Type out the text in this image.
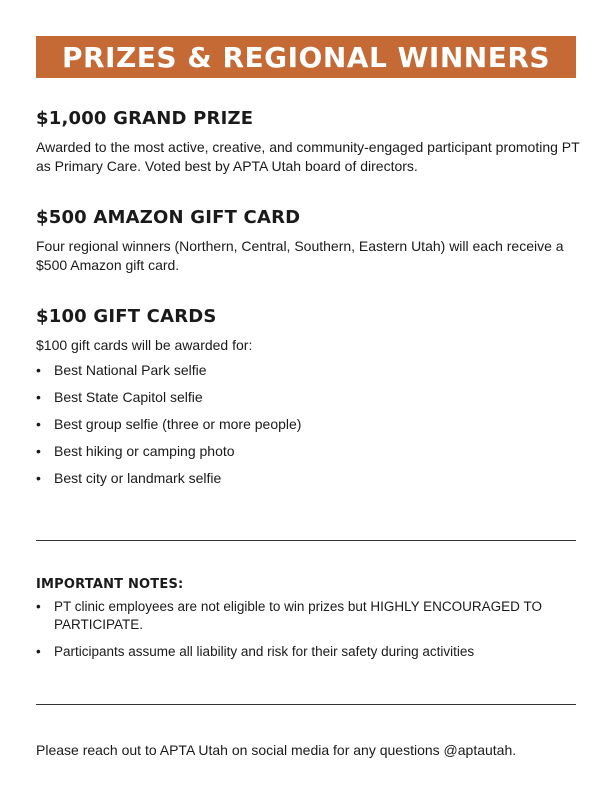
PRIZES & REGIONAL WINNERS
$1,000 GRAND PRIZE

Awarded to the most active, creative, and community-engaged participant promoting PT as Primary Care. Voted best by APTA Utah board of directors.

$500 AMAZON GIFT CARD

Four regional winners (Northern, Central, Southern, Eastern Utah) will each receive a $500 Amazon gift card.

$100 GIFT CARDS

$100 gift cards will be awarded for:

• Best National Park selfie
• Best State Capitol selfie
• Best group selfie (three or more people)
• Best hiking or camping photo
• Best city or landmark selfie
IMPORTANT NOTES:
• PT clinic employees are not eligible to win prizes but HIGHLY ENCOURAGED TO PARTICIPATE.
• Participants assume all liability and risk for their safety during activities
Please reach out to APTA Utah on social media for any questions @aptautah.
